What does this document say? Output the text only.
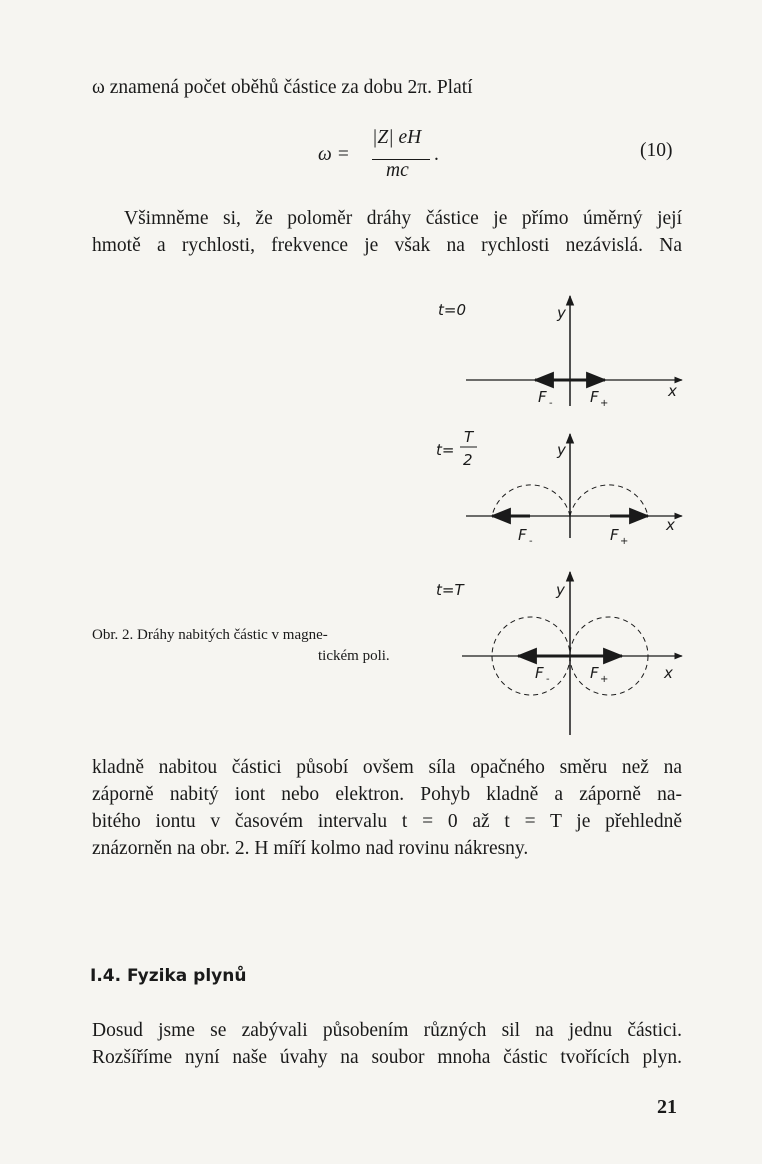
ω znamená počet oběhů částice za dobu 2π. Platí
ω =
|Z| eH
mc
.	(10)
Všimněme si, že poloměr dráhy částice je přímo úměrný její
hmotě a rychlosti, frekvence je však na rychlosti nezávislá. Na
Obr. 2. Dráhy nabitých částic v magne-
tickém poli.
t=0	y
x
F - F +
t=
T
2
y
x
F -	F +
t=T	y
x
F -	F +
kladně nabitou částici působí ovšem síla opačného směru než na
záporně nabitý iont nebo elektron. Pohyb kladně a záporně na-
bitého iontu v časovém intervalu t = 0 až t = T je přehledně
znázorněn na obr. 2. H míří kolmo nad rovinu nákresny.
I.4. Fyzika plynů
Dosud jsme se zabývali působením různých sil na jednu částici.
Rozšíříme nyní naše úvahy na soubor mnoha částic tvořících plyn.
21
